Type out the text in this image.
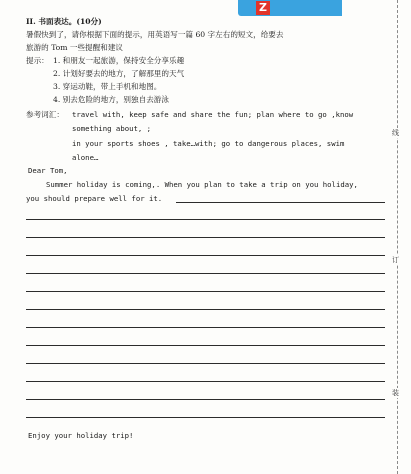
Z
II. 书面表达。(10分)
暑假快到了，请你根据下面的提示，用英语写一篇 60 字左右的短文，给要去
旅游的 Tom 一些提醒和建议
提示： 1. 和朋友一起旅游，保持安全分享乐趣
2. 计划好要去的地方，了解那里的天气
3. 穿运动鞋，带上手机和地图。
4. 别去危险的地方，别独自去游泳
参考词汇： travel with, keep safe and share the fun; plan where to go ,know
something about, ;
in your sports shoes , take…with; go to dangerous places, swim
alone…
Dear Tom,
Summer holiday is coming,. When you plan to take a trip on you holiday,
you should prepare well for it.
Enjoy your holiday trip!
线
订
装
